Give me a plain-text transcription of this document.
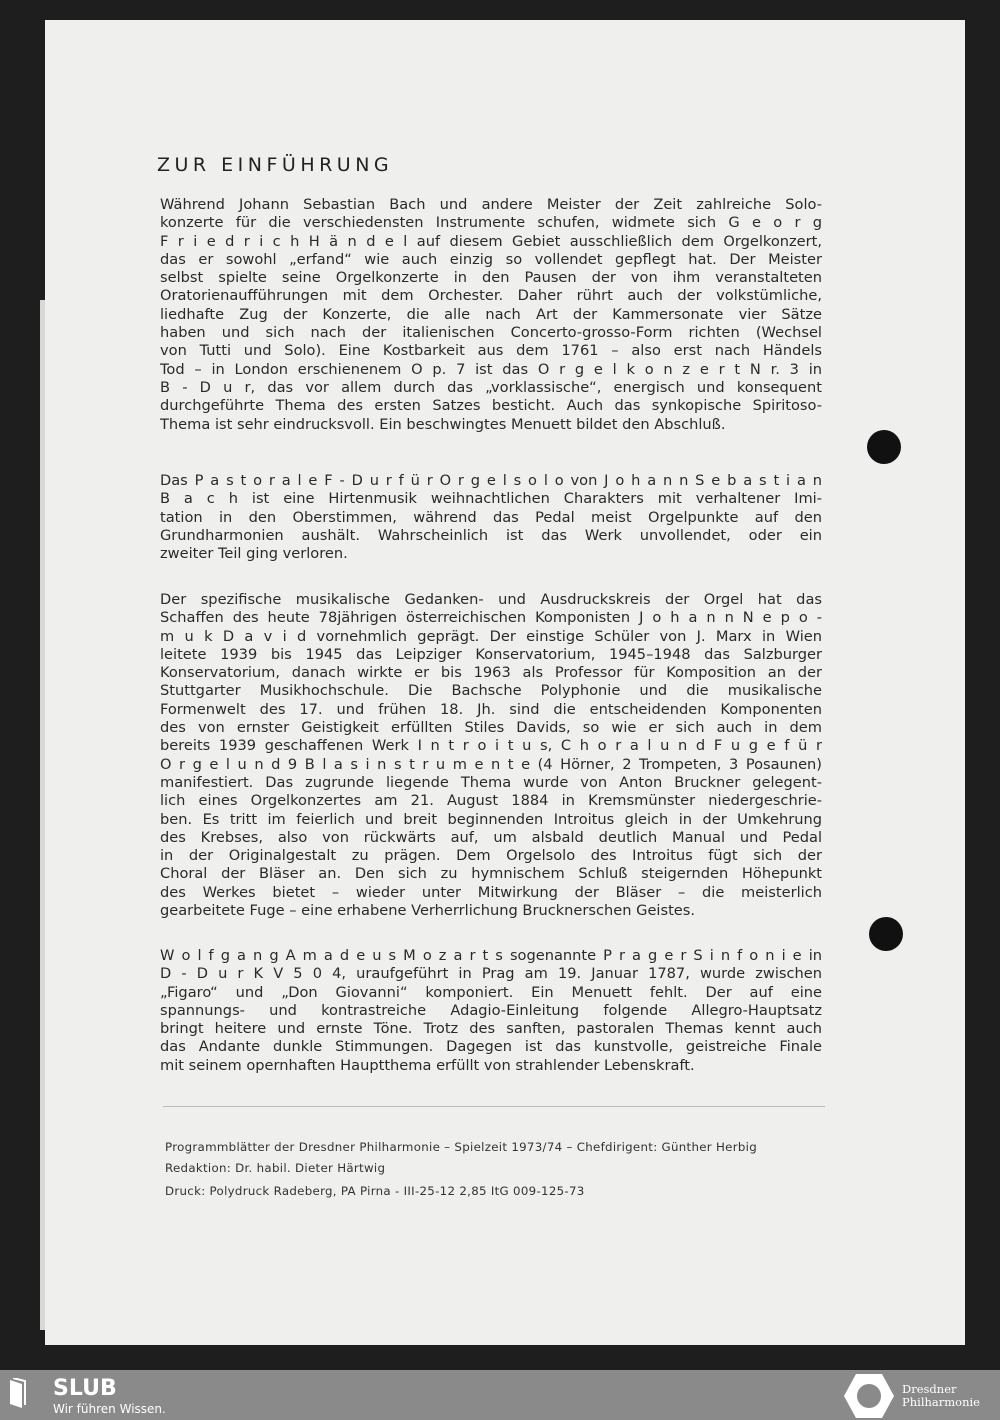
ZUR EINFÜHRUNG
Während Johann Sebastian Bach und andere Meister der Zeit zahlreiche Solo-
konzerte für die verschiedensten Instrumente schufen, widmete sich G e o r g
F r i e d r i c h H ä n d e l auf diesem Gebiet ausschließlich dem Orgelkonzert,
das er sowohl „erfand“ wie auch einzig so vollendet gepflegt hat. Der Meister
selbst spielte seine Orgelkonzerte in den Pausen der von ihm veranstalteten
Oratorienaufführungen mit dem Orchester. Daher rührt auch der volkstümliche,
liedhafte Zug der Konzerte, die alle nach Art der Kammersonate vier Sätze
haben und sich nach der italienischen Concerto-grosso-Form richten (Wechsel
von Tutti und Solo). Eine Kostbarkeit aus dem 1761 – also erst nach Händels
Tod – in London erschienenem O p. 7 ist das O r g e l k o n z e r t N r. 3 in
B - D u r, das vor allem durch das „vorklassische“, energisch und konsequent
durchgeführte Thema des ersten Satzes besticht. Auch das synkopische Spiritoso-
Thema ist sehr eindrucksvoll. Ein beschwingtes Menuett bildet den Abschluß.
Das P a s t o r a l e F - D u r f ü r O r g e l s o l o von J o h a n n S e b a s t i a n
B a c h ist eine Hirtenmusik weihnachtlichen Charakters mit verhaltener Imi-
tation in den Oberstimmen, während das Pedal meist Orgelpunkte auf den
Grundharmonien aushält. Wahrscheinlich ist das Werk unvollendet, oder ein
zweiter Teil ging verloren.
Der spezifische musikalische Gedanken- und Ausdruckskreis der Orgel hat das
Schaffen des heute 78jährigen österreichischen Komponisten J o h a n n N e p o -
m u k D a v i d vornehmlich geprägt. Der einstige Schüler von J. Marx in Wien
leitete 1939 bis 1945 das Leipziger Konservatorium, 1945–1948 das Salzburger
Konservatorium, danach wirkte er bis 1963 als Professor für Komposition an der
Stuttgarter Musikhochschule. Die Bachsche Polyphonie und die musikalische
Formenwelt des 17. und frühen 18. Jh. sind die entscheidenden Komponenten
des von ernster Geistigkeit erfüllten Stiles Davids, so wie er sich auch in dem
bereits 1939 geschaffenen Werk I n t r o i t u s, C h o r a l u n d F u g e f ü r
O r g e l u n d 9 B l a s i n s t r u m e n t e (4 Hörner, 2 Trompeten, 3 Posaunen)
manifestiert. Das zugrunde liegende Thema wurde von Anton Bruckner gelegent-
lich eines Orgelkonzertes am 21. August 1884 in Kremsmünster niedergeschrie-
ben. Es tritt im feierlich und breit beginnenden Introitus gleich in der Umkehrung
des Krebses, also von rückwärts auf, um alsbald deutlich Manual und Pedal
in der Originalgestalt zu prägen. Dem Orgelsolo des Introitus fügt sich der
Choral der Bläser an. Den sich zu hymnischem Schluß steigernden Höhepunkt
des Werkes bietet – wieder unter Mitwirkung der Bläser – die meisterlich
gearbeitete Fuge – eine erhabene Verherrlichung Brucknerschen Geistes.
W o l f g a n g A m a d e u s M o z a r t s sogenannte P r a g e r S i n f o n i e in
D - D u r K V 5 0 4, uraufgeführt in Prag am 19. Januar 1787, wurde zwischen
„Figaro“ und „Don Giovanni“ komponiert. Ein Menuett fehlt. Der auf eine
spannungs- und kontrastreiche Adagio-Einleitung folgende Allegro-Hauptsatz
bringt heitere und ernste Töne. Trotz des sanften, pastoralen Themas kennt auch
das Andante dunkle Stimmungen. Dagegen ist das kunstvolle, geistreiche Finale
mit seinem opernhaften Hauptthema erfüllt von strahlender Lebenskraft.
Programmblätter der Dresdner Philharmonie – Spielzeit 1973/74 – Chefdirigent: Günther Herbig
Redaktion: Dr. habil. Dieter Härtwig
Druck: Polydruck Radeberg, PA Pirna - III-25-12 2,85 ItG 009-125-73
SLUB
Wir führen Wissen.
Dresdner
Philharmonie
